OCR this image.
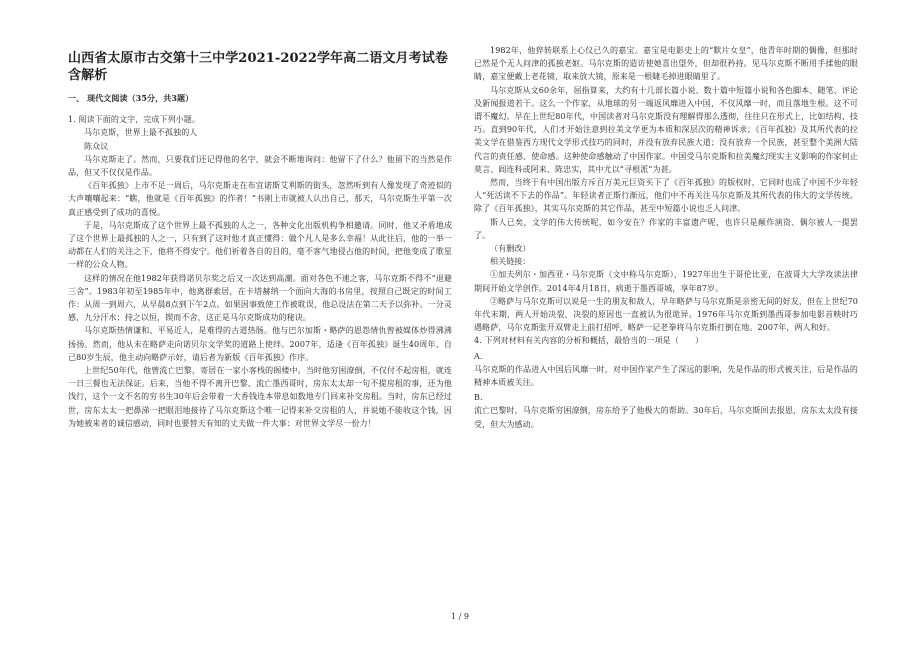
山西省太原市古交第十三中学2021-2022学年高二语文月考试卷含解析
一、 现代文阅读（35分，共3题）

1. 阅读下面的文字，完成下列小题。

马尔克斯，世界上最不孤独的人

陈众议

马尔克斯走了。然而，只要我们还记得他的名字，就会不断地询问：他留下了什么？他留下的当然是作品，但又不仅仅是作品。

《百年孤独》上市不足一周后，马尔克斯走在布宜诺斯艾利斯的街头，忽然听到有人像发现了奇迹似的大声嚷嚷起来：“瞧，他就是《百年孤独》的作者！”书刚上市就被人认出自己，那天，马尔克斯生平第一次真正感受到了成功的喜悦。

于是，马尔克斯成了这个世界上最不孤独的人之一，各种文化出版机构争相邀请。同时，他又矛盾地成了这个世界上最孤独的人之一，只有到了这时他才真正懂得：做个凡人是多么幸福！从此往后，他的一举一动都在人们的关注之下，他将不得安宁。他们祈着各自的目的，毫不客气地侵占他的时间，把他变成了歌星一样的公众人物。

这样的情况在他1982年获得诺贝尔奖之后又一次达到高潮。面对各色不速之客，马尔克斯不得不“退避三舍”。1983年初至1985年中，他离群索居，在卡塔赫纳一个面向大海的书房里，按照自己既定的时间工作：从周一到周六，从早晨8点到下午2点。如果因事致使工作被耽误，他总设法在第二天予以弥补。一分灵感，九分汗水；持之以恒，锲而不舍，这正是马尔克斯成功的秘诀。

马尔克斯热情谦和、平易近人，是难得的古道热肠。他与巴尔加斯・略萨的恩怨情仇曾被媒体炒得沸沸扬扬。然而，他从未在略萨走向诺贝尔文学奖的道路上使绊。2007年，适逢《百年孤独》诞生40周年、自己80岁生辰，他主动向略萨示好，请后者为新版《百年孤独》作序。

上世纪50年代，他曾流亡巴黎，寄居在一家小客栈的阁楼中。当时他穷困潦倒，不仅付不起房租，就连一日三餐也无法保证。后来，当他不得不离开巴黎、流亡墨西哥时，房东太太却一句不提房租的事，还为他饯行，这个一文不名的穷书生30年后会带着一大香钱连本带息如数地专门回来补交房租。当时，房东已经过世，房东太太一把鼻涕一把眼泪地接待了马尔克斯这个唯一记得来补交房租的人，并说她不能收这个钱，因为她被来者的诚信感动，同时也要替天有知的丈夫做一件大事：对世界文学尽一份力！

1982年，他猝转联系上心仪已久的嘉宝。嘉宝是电影史上的“默片女皇”，他青年时期的偶像，但那时已然是个无人问津的孤独老妪。马尔克斯的造访使她喜出望外，但却很矜持。见马尔克斯不断用手揉他的眼睛，嘉宝便戴上老花镜、取来放大镜，原来是一根睫毛掉进眼睛里了。

马尔克斯从文60余年，屈指算来，大约有十几部长篇小说、数十篇中短篇小说和各色脚本、随笔、评论及新闻报道若干。这么一个作家，从地球的另一端返风靡进入中国，不仅风靡一时，而且落地生根。这不可谓不魔幻。早在上世纪80年代，中国读者对马尔克斯没有理解得那么透彻，往往只在形式上，比如结构、技巧。直到90年代，人们才开始注意到拉美文学更为本质和深层次的精神诉求；《百年孤独》及其所代表的拉美文学在借鉴西方现代文学形式技巧的同时，并没有放弃民族大道；没有放弃一个民族，甚至整个美洲大陆代言的责任感、使命感。这种使命感触动了中国作家。中国受马尔克斯和拉美魔幻现实主义影响的作家何止莫言、阎连科或阿来、陈忠实，其中尤以“寻根派”为甚。

然而，当终于有中国出版方斥百万美元巨资买下了《百年孤独》的版权时，它同时也成了中国不少年轻人“死活读不下去的作品”。年轻读者正斯行渐远，他们中不再关注马尔克斯及其所代表的伟大的文学传统。除了《百年孤独》，其实马尔克斯的其它作品，甚至中短篇小说也乏人问津。

斯人已矣，文学的伟大传统呢，如今安在？作家的丰富遗产呢，也许只是颠作演资、偶尔被人一提罢了。

（有删改）

相关链接：

①加夫列尔・加西亚・马尔克斯（文中称马尔克斯），1927年出生于哥伦比亚，在波哥大大学攻读法律期间开始文学创作。2014年4月18日，病逝于墨西哥城，享年87岁。

②略萨与马尔克斯可以说是一生的朋友和敌人，早年略萨与马尔克斯是亲密无间的好友，但在上世纪70年代末期，两人开始决裂，决裂的原因也一直被认为很诡异。1976年马尔克斯到墨西哥参加电影首映时巧遇略萨，马尔克斯张开双臂走上前打招呼，略萨一记老拳将马尔克斯打倒在地。2007年，两人和好。

4. 下列对材料有关内容的分析和概括，最恰当的一项是（　　）

A.

马尔克斯的作品进入中国后风靡一时，对中国作家产生了深远的影响，先是作品的形式被关注，后是作品的精神本质被关注。

B.

流亡巴黎时，马尔克斯穷困潦倒，房东给予了他极大的帮助。30年后，马尔克斯回去报恩，房东太太没有接受，但大为感动。

1 / 9
